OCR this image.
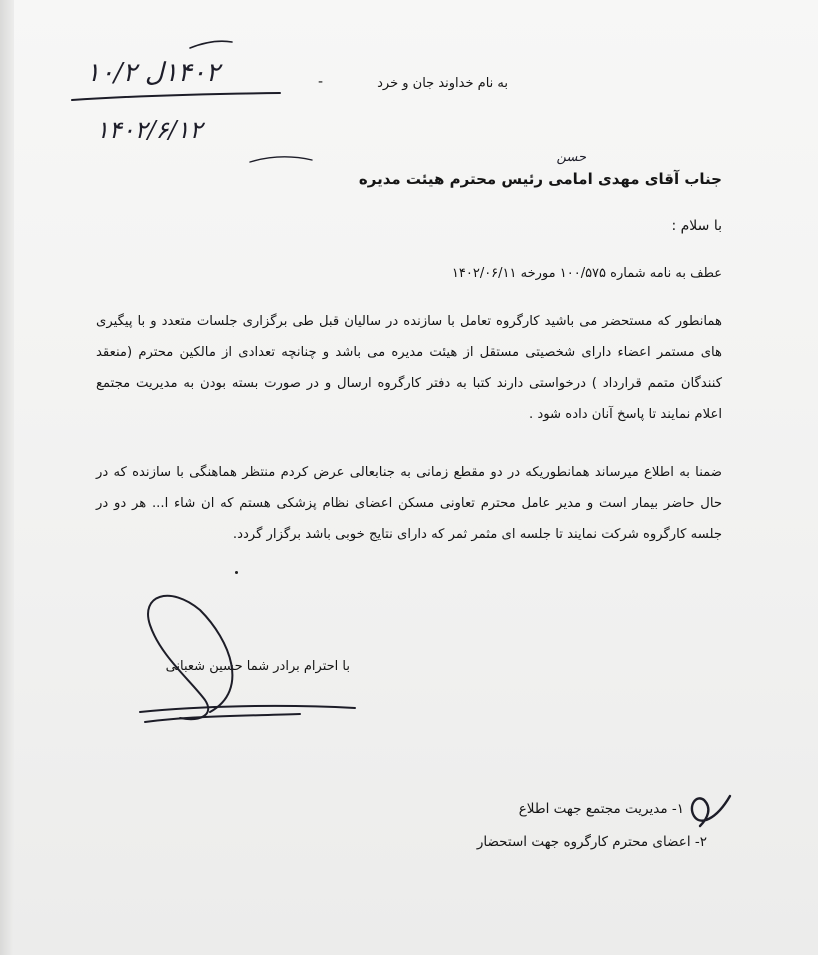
به نام خداوند جان و خرد
-
۱۴۰۲ل ۱۰/۲
۱۴۰۲/۶/۱۲
حسن
جناب آقای مهدی امامی رئیس محترم هیئت مدیره
با سلام :
عطف به نامه شماره ۱۰۰/۵۷۵ مورخه ۱۴۰۲/۰۶/۱۱
همانطور که مستحضر می باشید کارگروه تعامل با سازنده در سالیان قبل طی برگزاری جلسات متعدد و با پیگیری های مستمر اعضاء دارای شخصیتی مستقل از هیئت مدیره می باشد و چنانچه تعدادی از مالکین محترم (منعقد کنندگان متمم قرارداد ) درخواستی دارند کتبا به دفتر کارگروه ارسال و در صورت بسته بودن به مدیریت مجتمع اعلام نمایند تا پاسخ آنان داده شود .
ضمنا به اطلاع میرساند همانطوریکه در دو مقطع زمانی به جنابعالی عرض کردم منتظر هماهنگی با سازنده که در حال حاضر بیمار است و مدیر عامل محترم تعاونی مسکن اعضای نظام پزشکی هستم که ان شاء ا... هر دو در جلسه کارگروه شرکت نمایند تا جلسه ای مثمر ثمر که دارای نتایج خوبی باشد برگزار گردد.
با احترام برادر شما حسین شعبانی
۱- مدیریت مجتمع جهت اطلاع
۲- اعضای محترم کارگروه جهت استحضار
